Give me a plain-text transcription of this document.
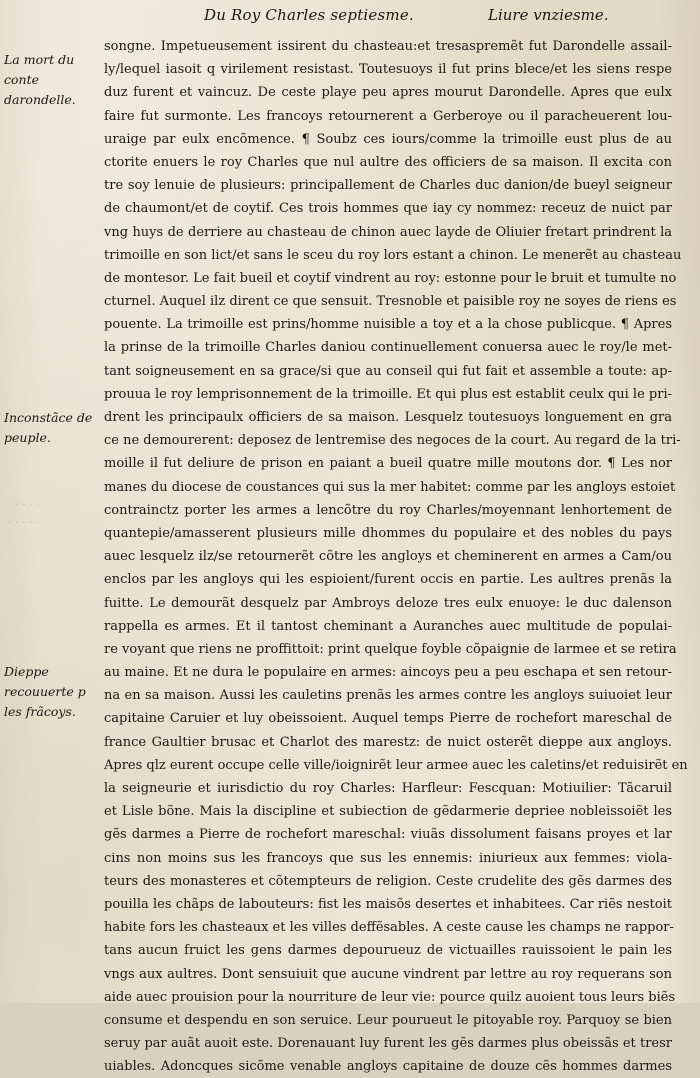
Du Roy Charles septiesme.	Liure vnziesme.
La mort du conte darondelle.
Inconstãce de peuple.
Dieppe recouuerte p les frãcoys.
· · · ·
· · · · ·
songne. Impetueusement issirent du chasteau:et tresaspremẽt fut Darondelle assail-
ly/lequel iasoit q virilement resistast. Toutesuoys il fut prins blece/et les siens respe
duz furent et vaincuz. De ceste playe peu apres mourut Darondelle. Apres que eulx
faire fut surmonte. Les francoys retournerent a Gerberoye ou il paracheuerent lou-
uraige par eulx encõmence. ¶ Soubz ces iours/comme la trimoille eust plus de au
ctorite enuers le roy Charles que nul aultre des officiers de sa maison. Il excita con
tre soy lenuie de plusieurs: principallement de Charles duc danion/de bueyl seigneur
de chaumont/et de coytif. Ces trois hommes que iay cy nommez: receuz de nuict par
vng huys de derriere au chasteau de chinon auec layde de Oliuier fretart prindrent la
trimoille en son lict/et sans le sceu du roy lors estant a chinon. Le menerẽt au chasteau
de montesor. Le fait bueil et coytif vindrent au roy: estonne pour le bruit et tumulte no
cturnel. Auquel ilz dirent ce que sensuit. Tresnoble et paisible roy ne soyes de riens es
pouente. La trimoille est prins/homme nuisible a toy et a la chose publicque. ¶ Apres
la prinse de la trimoille Charles daniou continuellement conuersa auec le roy/le met-
tant soigneusement en sa grace/si que au conseil qui fut fait et assemble a toute: ap-
prouua le roy lemprisonnement de la trimoille. Et qui plus est establit ceulx qui le pri-
drent les principaulx officiers de sa maison. Lesquelz toutesuoys longuement en gra
ce ne demourerent: deposez de lentremise des negoces de la court. Au regard de la tri-
moille il fut deliure de prison en paiant a bueil quatre mille moutons dor. ¶ Les nor
manes du diocese de coustances qui sus la mer habitet: comme par les angloys estoiet
contrainctz porter les armes a lencõtre du roy Charles/moyennant lenhortement de
quantepie/amasserent plusieurs mille dhommes du populaire et des nobles du pays
auec lesquelz ilz/se retournerẽt cõtre les angloys et cheminerent en armes a Cam/ou
enclos par les angloys qui les espioient/furent occis en partie. Les aultres prenãs la
fuitte. Le demourãt desquelz par Ambroys deloze tres eulx enuoye: le duc dalenson
rappella es armes. Et il tantost cheminant a Auranches auec multitude de populai-
re voyant que riens ne proffittoit: print quelque foyble cõpaignie de larmee et se retira
au maine. Et ne dura le populaire en armes: aincoys peu a peu eschapa et sen retour-
na en sa maison. Aussi les cauletins prenãs les armes contre les angloys suiuoiet leur
capitaine Caruier et luy obeissoient. Auquel temps Pierre de rochefort mareschal de
france Gaultier brusac et Charlot des marestz: de nuict osterẽt dieppe aux angloys.
Apres qlz eurent occupe celle ville/ioignirẽt leur armee auec les caletins/et reduisirẽt en
la seigneurie et iurisdictio du roy Charles: Harfleur: Fescquan: Motiuilier: Tãcaruil
et Lisle bõne. Mais la discipline et subiection de gẽdarmerie depriee nobleissoiẽt les
gẽs darmes a Pierre de rochefort mareschal: viuãs dissolument faisans proyes et lar
cins non moins sus les francoys que sus les ennemis: iniurieux aux femmes: viola-
teurs des monasteres et cõtempteurs de religion. Ceste crudelite des gẽs darmes des
pouilla les chãps de labouteurs: fist les maisõs desertes et inhabitees. Car riẽs nestoit
habite fors les chasteaux et les villes deffẽsables. A ceste cause les champs ne rappor-
tans aucun fruict les gens darmes depourueuz de victuailles rauissoient le pain les
vngs aux aultres. Dont sensuiuit que aucune vindrent par lettre au roy requerans son
aide auec prouision pour la nourriture de leur vie: pource quilz auoient tous leurs biẽs
consume et despendu en son seruice. Leur pourueut le pitoyable roy. Parquoy se bien
seruy par auãt auoit este. Dorenauant luy furent les gẽs darmes plus obeissãs et tresr
uiables. Adoncques sicõme venable angloys capitaine de douze cẽs hommes darmes
